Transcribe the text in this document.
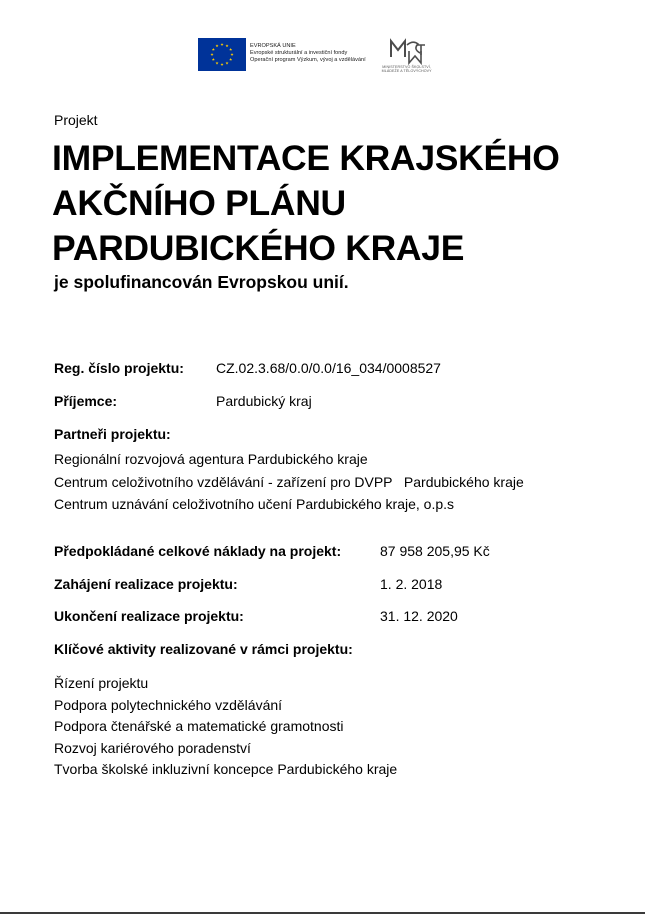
EVROPSKÁ UNIE
Evropské strukturální a investiční fondy
Operační program Výzkum, vývoj a vzdělávání
MINISTERSTVO ŠKOLSTVÍ,
MLÁDEŽE A TĚLOVÝCHOVY
Projekt
IMPLEMENTACE KRAJSKÉHO
AKČNÍHO PLÁNU
PARDUBICKÉHO KRAJE
je spolufinancován Evropskou unií.
Reg. číslo projektu: CZ.02.3.68/0.0/0.0/16_034/0008527
Příjemce:	Pardubický kraj
Partneři projektu:
Regionální rozvojová agentura Pardubického kraje
Centrum celoživotního vzdělávání - zařízení pro DVPP   Pardubického kraje
Centrum uznávání celoživotního učení Pardubického kraje, o.p.s
Předpokládané celkové náklady na projekt:	87 958 205,95 Kč
Zahájení realizace projektu:	1. 2. 2018
Ukončení realizace projektu:	31. 12. 2020
Klíčové aktivity realizované v rámci projektu:
Řízení projektu
Podpora polytechnického vzdělávání
Podpora čtenářské a matematické gramotnosti
Rozvoj kariérového poradenství
Tvorba školské inkluzivní koncepce Pardubického kraje
